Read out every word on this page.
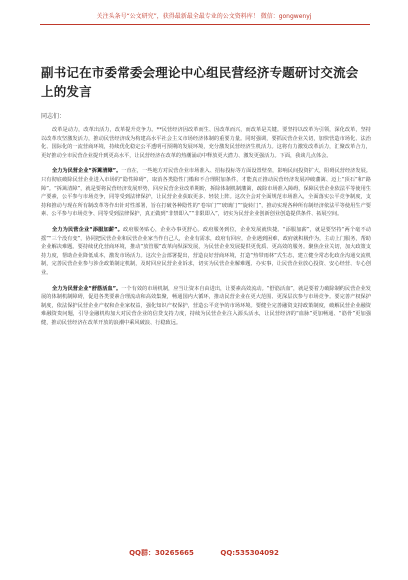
关注头条号“公文研究”，获得最新最全最专业的公文资料库！ 微信：gongwenyj
副书记在市委常委会理论中心组民营经济专题研讨交流会上的发言
同志们：

改革是动力，改革出活力，改革提升竞争力。**民营经济因改革而生、因改革而兴，而改革是关键。要坚持以改革为引领，深化改革，坚持以改革攻坚激发活力，推动民营经济成为构建高水平社会主义市场经济体制的重要力量。同时强调，要抓民营企业关切，加快营造市场化、法治化、国际化的一流营商环境，持续优化稳定公平透明可预期的发展环境，充分激发民营经济生机活力。这将有力激发改革活力，汇聚改革合力，更好推动全市民营企业提升到更高水平，让民营经济在改革的热潮涌动中释放更大潜力、激发更强活力。下面，我谈几点体会。

全力为民营企业“拆篱清障”。一直在，一些地方对民营企业市场准入、招标投标等方面设置壁垒，影响民间投资扩大，阻碍民营经济发展。只有彻底破除民营企业进入市场的“隐性障碍”，取消各类隐性门槛和不合理附加条件，才能真正推动民营经济发展冲破藩篱、迈上“顶石”和“路障”。“拆篱清障”，就是要将民营经济发展形势，回应民营企业改革期盼，拆除体制机制藩篱，疏除市场准入障碍，保障民营企业依法平等使用生产要素，公平参与市场竞争，同等受到法律保护，让民营企业获取更多、轻装上阵。这次全会对全面规范市场准入，全面落实公平竞争制度，支持和推动与现在所有制改革等作出针对性部署，旨在打破各种隐性的“卷帘门”“玻璃门”“旋转门”，推动实现各种所有制经济依法平等使用生产要素、公平参与市场竞争、同等受到法律保护，真正做到“非禁即入”“非限即入”，切实为民营企业创新创业创造提供条件、拓展空间。

全力为民营企业“添服加薪”。政府服务贴心，企业办事更舒心。政府服务到位，企业发展就快捷。“添服加薪”，就是要坚持“两个毫不动摇”“三个没有变”，协同把民营企业和民营企业家当作自己人，企业有需求，政府有回应，企业遇到困难，政府就积极作为，主动上门服务，帮助企业解决难题。要持续优化营商环境，推动“放管服”改革向纵深发展，为民营企业发展提供更优质、更高效的服务。聚焦企业关切，加大政策支持力度，帮助企业降低成本，激发市场活力。这次全会部署提出，营造良好营商环境，打造“热带雨林”式生态，建立健全常态化政企沟通交流机制，完善民营企业参与涉企政策制定机制，及时回应民营企业诉求，切实为民营企业解难题、办实事，让民营企业放心投资、安心经营、专心创业。

全力为民营企业“舒筋活血”。一个有效的市场机制，应当让资本自由进出，让要素高效流动。“舒筋活血”，就是要着力破除制约民营企业发展的体制机制障碍，促进各类要素合理流动和高效集聚，畅通国内大循环，推动民营企业在更大范围、更深层次参与市场竞争。要完善产权保护制度，依法保护民营企业产权和企业家权益，强化知识产权保护，营造公平竞争的市场环境。要健全完善融资支持政策制度，破解民营企业融资难融资贵问题，引导金融机构加大对民营企业的信贷支持力度，持续为民营企业注入源头活水，让民营经济的“血脉”更加畅通、“筋骨”更加强健，推动民营经济在改革开放的浪潮中乘风破浪、行稳致远。

QQ群：30265665	QQ:535304092
